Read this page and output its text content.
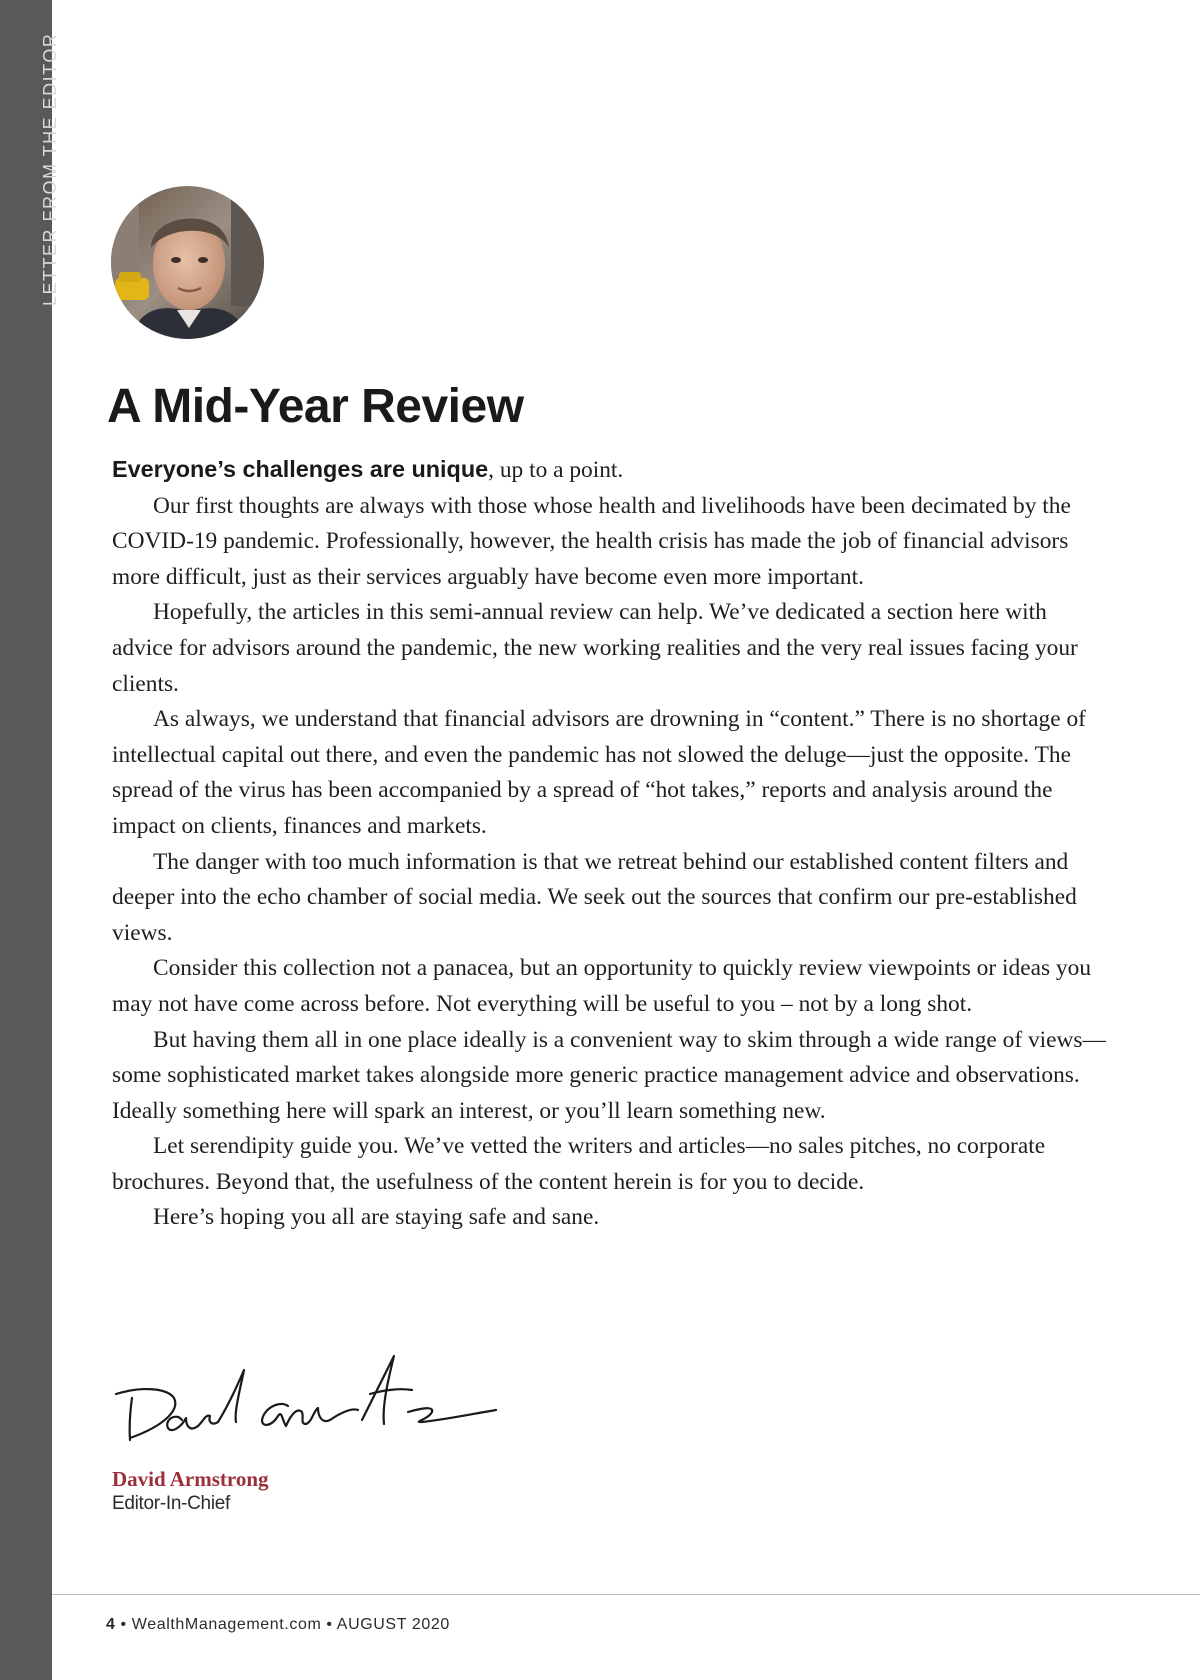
LETTER FROM THE EDITOR
A Mid-Year Review

Everyone’s challenges are unique, up to a point.

Our first thoughts are always with those whose health and livelihoods have been decimated by the COVID-19 pandemic. Professionally, however, the health crisis has made the job of financial advisors more difficult, just as their services arguably have become even more important.

Hopefully, the articles in this semi-annual review can help. We’ve dedicated a section here with advice for advisors around the pandemic, the new working realities and the very real issues facing your clients.

As always, we understand that financial advisors are drowning in “content.” There is no shortage of intellectual capital out there, and even the pandemic has not slowed the deluge—just the opposite. The spread of the virus has been accompanied by a spread of “hot takes,” reports and analysis around the impact on clients, finances and markets.

The danger with too much information is that we retreat behind our established content filters and deeper into the echo chamber of social media. We seek out the sources that confirm our pre-established views.

Consider this collection not a panacea, but an opportunity to quickly review viewpoints or ideas you may not have come across before. Not everything will be useful to you – not by a long shot.

But having them all in one place ideally is a convenient way to skim through a wide range of views—some sophisticated market takes alongside more generic practice management advice and observations. Ideally something here will spark an interest, or you’ll learn something new.

Let serendipity guide you. We’ve vetted the writers and articles—no sales pitches, no corporate brochures. Beyond that, the usefulness of the content herein is for you to decide.

Here’s hoping you all are staying safe and sane.

David Armstrong
Editor-In-Chief
4 • WealthManagement.com • AUGUST 2020
